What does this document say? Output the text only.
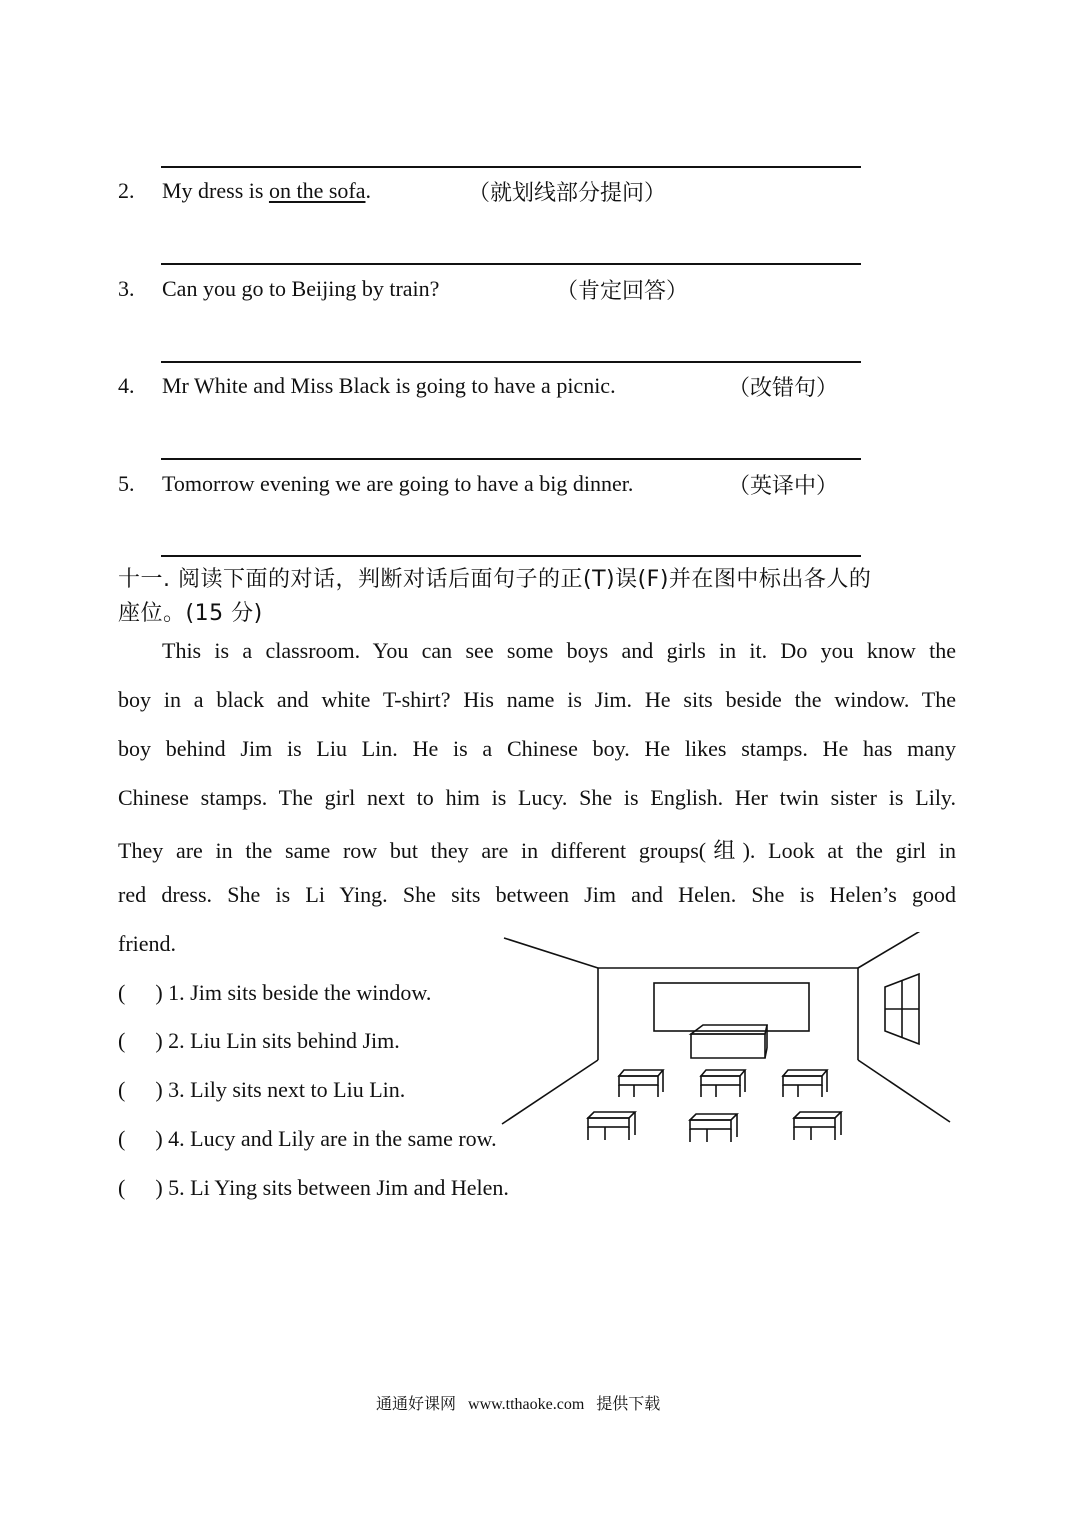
2. My dress is on the sofa.	（就划线部分提问）
3. Can you go to Beijing by train?	（肯定回答）
4. Mr White and Miss Black is going to have a picnic.	（改错句）
5. Tomorrow evening we are going to have a big dinner.	（英译中）
十一. 阅读下面的对话，判断对话后面句子的正(T)误(F)并在图中标出各人的
座位。(15 分)
This is a classroom. You can see some boys and girls in it. Do you know the
boy in a black and white T-shirt? His name is Jim. He sits beside the window. The
boy behind Jim is Liu Lin. He is a Chinese boy. He likes stamps. He has many
Chinese stamps. The girl next to him is Lucy. She is English. Her twin sister is Lily.
They are in the same row but they are in different groups(组). Look at the girl in
red dress. She is Li Ying. She sits between Jim and Helen. She is Helen’s good
friend.
( ) 1. Jim sits beside the window.
( ) 2. Liu Lin sits behind Jim.
( ) 3. Lily sits next to Liu Lin.
( ) 4. Lucy and Lily are in the same row.
( ) 5. Li Ying sits between Jim and Helen.
通通好课网 www.tthaoke.com 提供下载
